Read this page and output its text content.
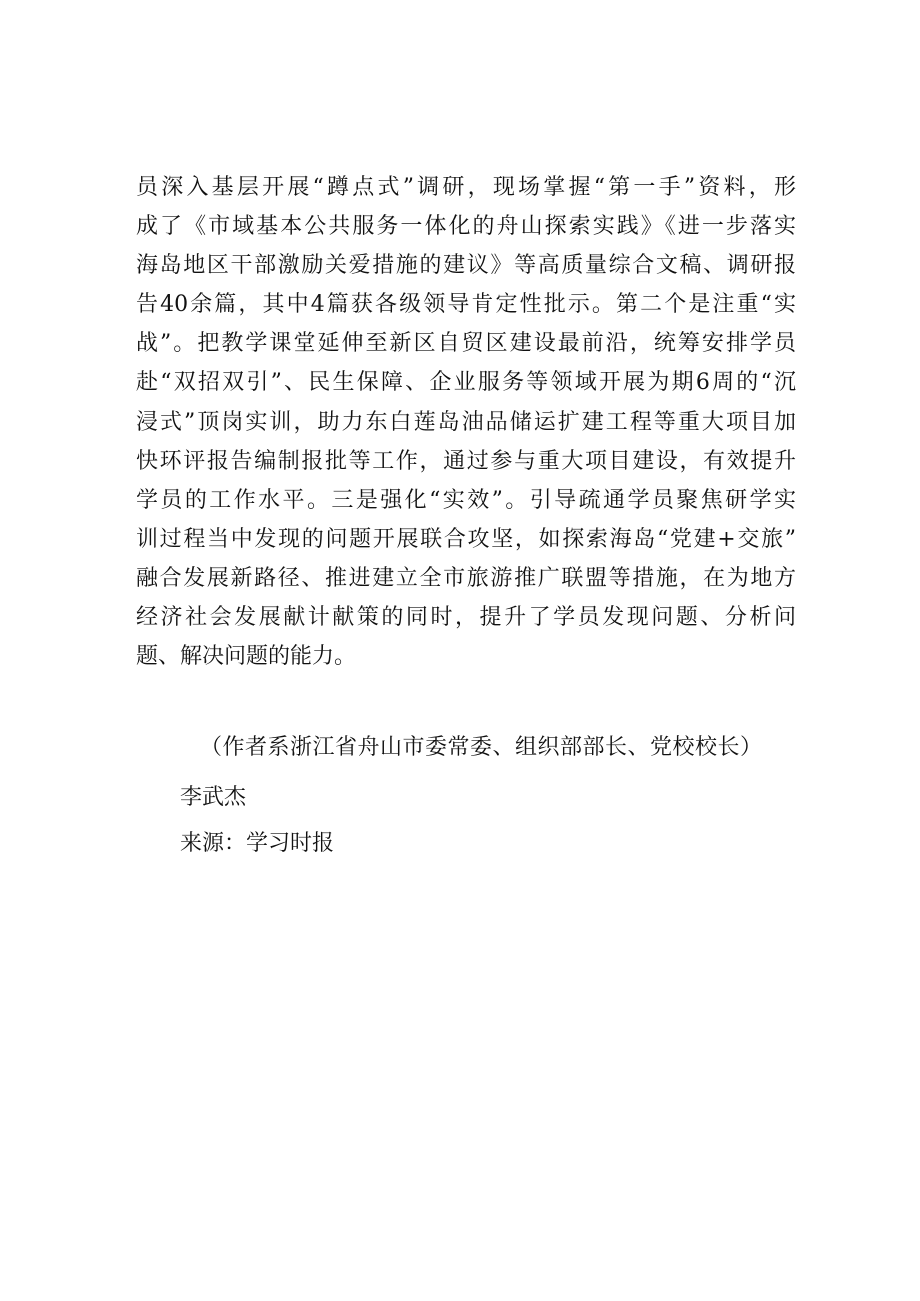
员深入基层开展“蹲点式”调研，现场掌握“第一手”资料，形
成了《市域基本公共服务一体化的舟山探索实践》《进一步落实
海岛地区干部激励关爱措施的建议》等高质量综合文稿、调研报
告40余篇，其中4篇获各级领导肯定性批示。第二个是注重“实
战”。把教学课堂延伸至新区自贸区建设最前沿，统筹安排学员
赴“双招双引”、民生保障、企业服务等领域开展为期6周的“沉
浸式”顶岗实训，助力东白莲岛油品储运扩建工程等重大项目加
快环评报告编制报批等工作，通过参与重大项目建设，有效提升
学员的工作水平。三是强化“实效”。引导疏通学员聚焦研学实
训过程当中发现的问题开展联合攻坚，如探索海岛“党建+交旅”
融合发展新路径、推进建立全市旅游推广联盟等措施，在为地方
经济社会发展献计献策的同时，提升了学员发现问题、分析问
题、解决问题的能力。
（作者系浙江省舟山市委常委、组织部部长、党校校长）
李武杰
来源：学习时报
